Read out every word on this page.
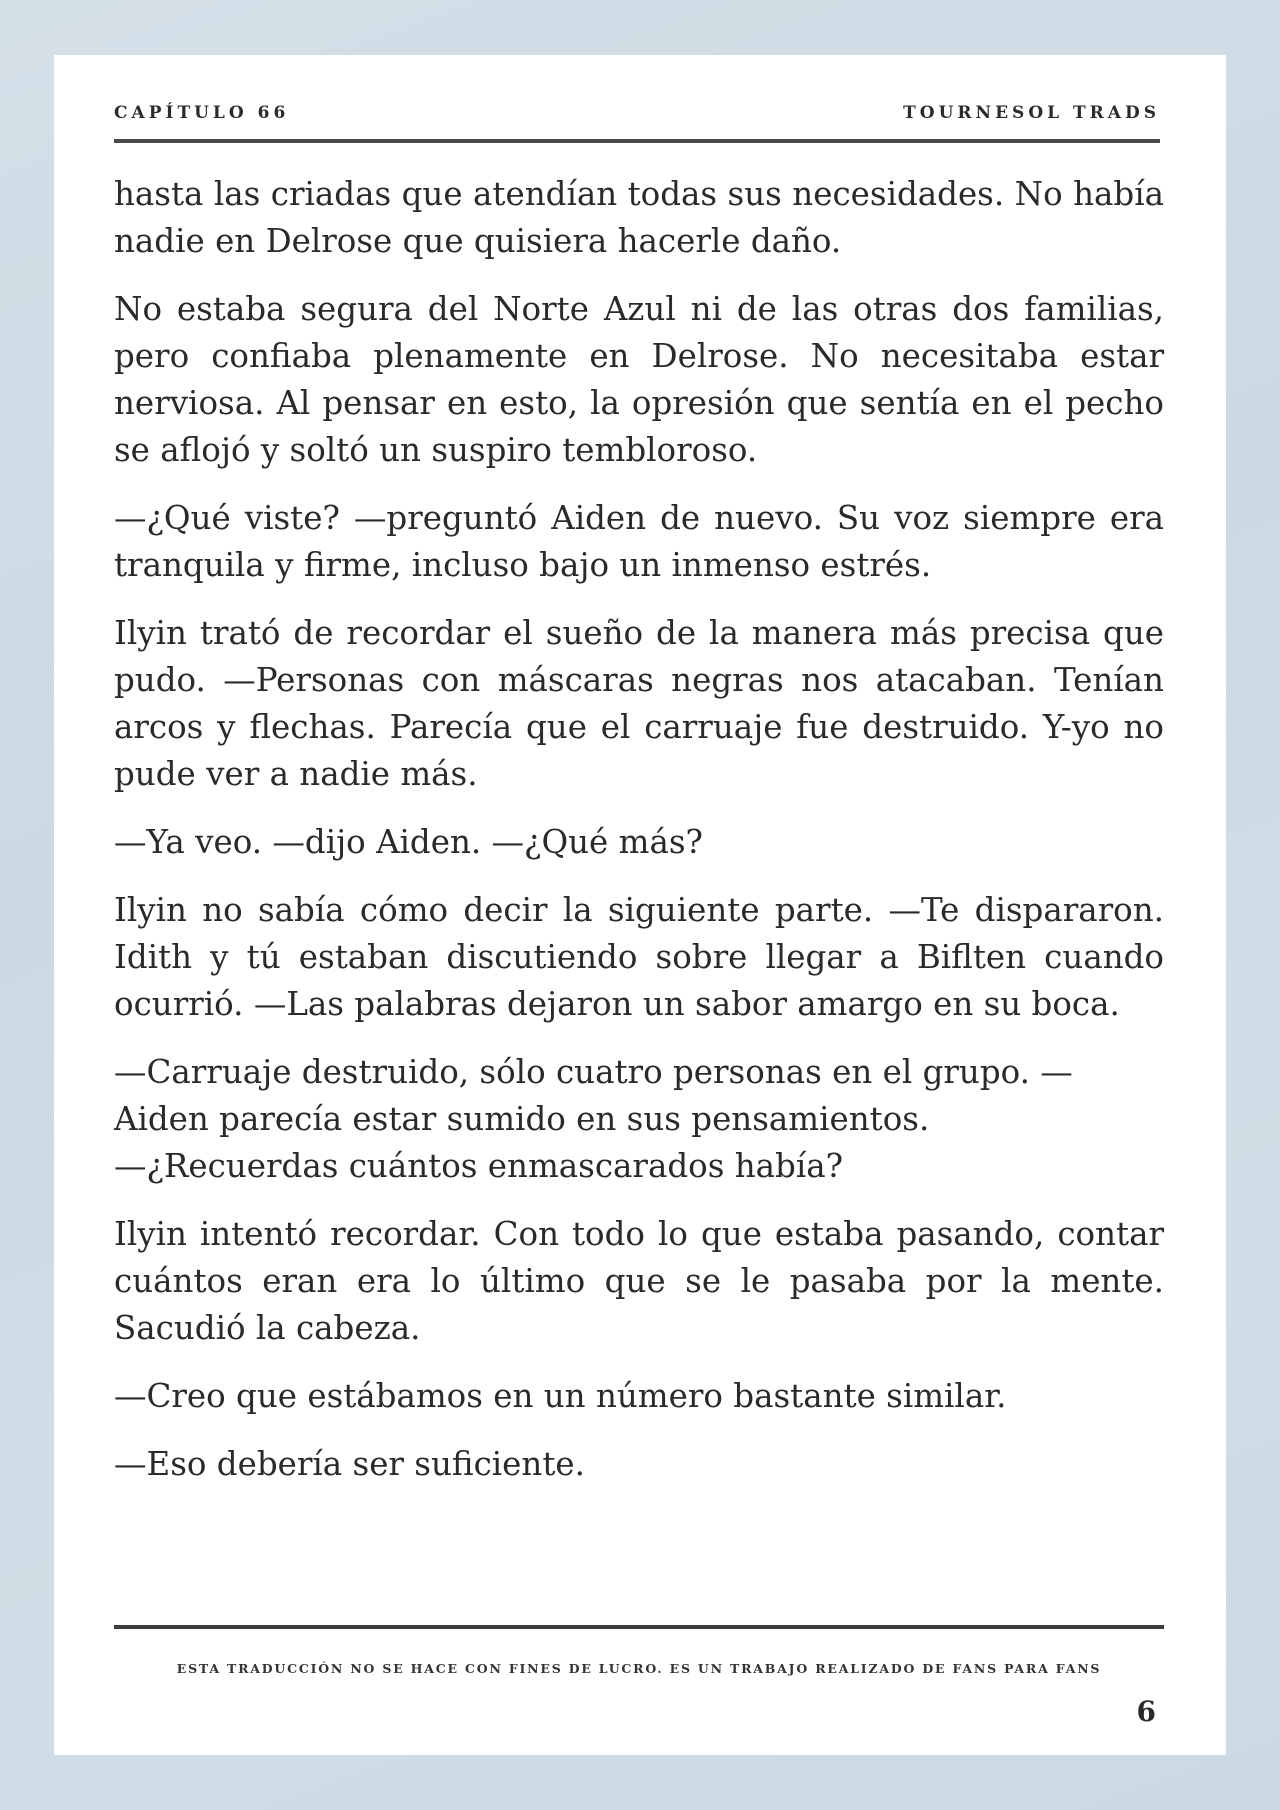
CAPÍTULO 66	TOURNESOL TRADS

hasta las criadas que atendían todas sus necesidades. No había nadie en Delrose que quisiera hacerle daño.

No estaba segura del Norte Azul ni de las otras dos familias, pero confiaba plenamente en Delrose. No necesitaba estar nerviosa. Al pensar en esto, la opresión que sentía en el pecho se aflojó y soltó un suspiro tembloroso.

—¿Qué viste? —preguntó Aiden de nuevo. Su voz siempre era tranquila y firme, incluso bajo un inmenso estrés.

Ilyin trató de recordar el sueño de la manera más precisa que pudo. —Personas con máscaras negras nos atacaban. Tenían arcos y flechas. Parecía que el carruaje fue destruido. Y-yo no pude ver a nadie más.

—Ya veo. —dijo Aiden. —¿Qué más?

Ilyin no sabía cómo decir la siguiente parte. —Te dispararon. Idith y tú estaban discutiendo sobre llegar a Biflten cuando ocurrió. —Las palabras dejaron un sabor amargo en su boca.

—Carruaje destruido, sólo cuatro personas en el grupo. —Aiden parecía estar sumido en sus pensamientos.

—¿Recuerdas cuántos enmascarados había?

Ilyin intentó recordar. Con todo lo que estaba pasando, contar cuántos eran era lo último que se le pasaba por la mente. Sacudió la cabeza.

—Creo que estábamos en un número bastante similar.

—Eso debería ser suficiente.

ESTA TRADUCCIÓN NO SE HACE CON FINES DE LUCRO. ES UN TRABAJO REALIZADO DE FANS PARA FANS
6
